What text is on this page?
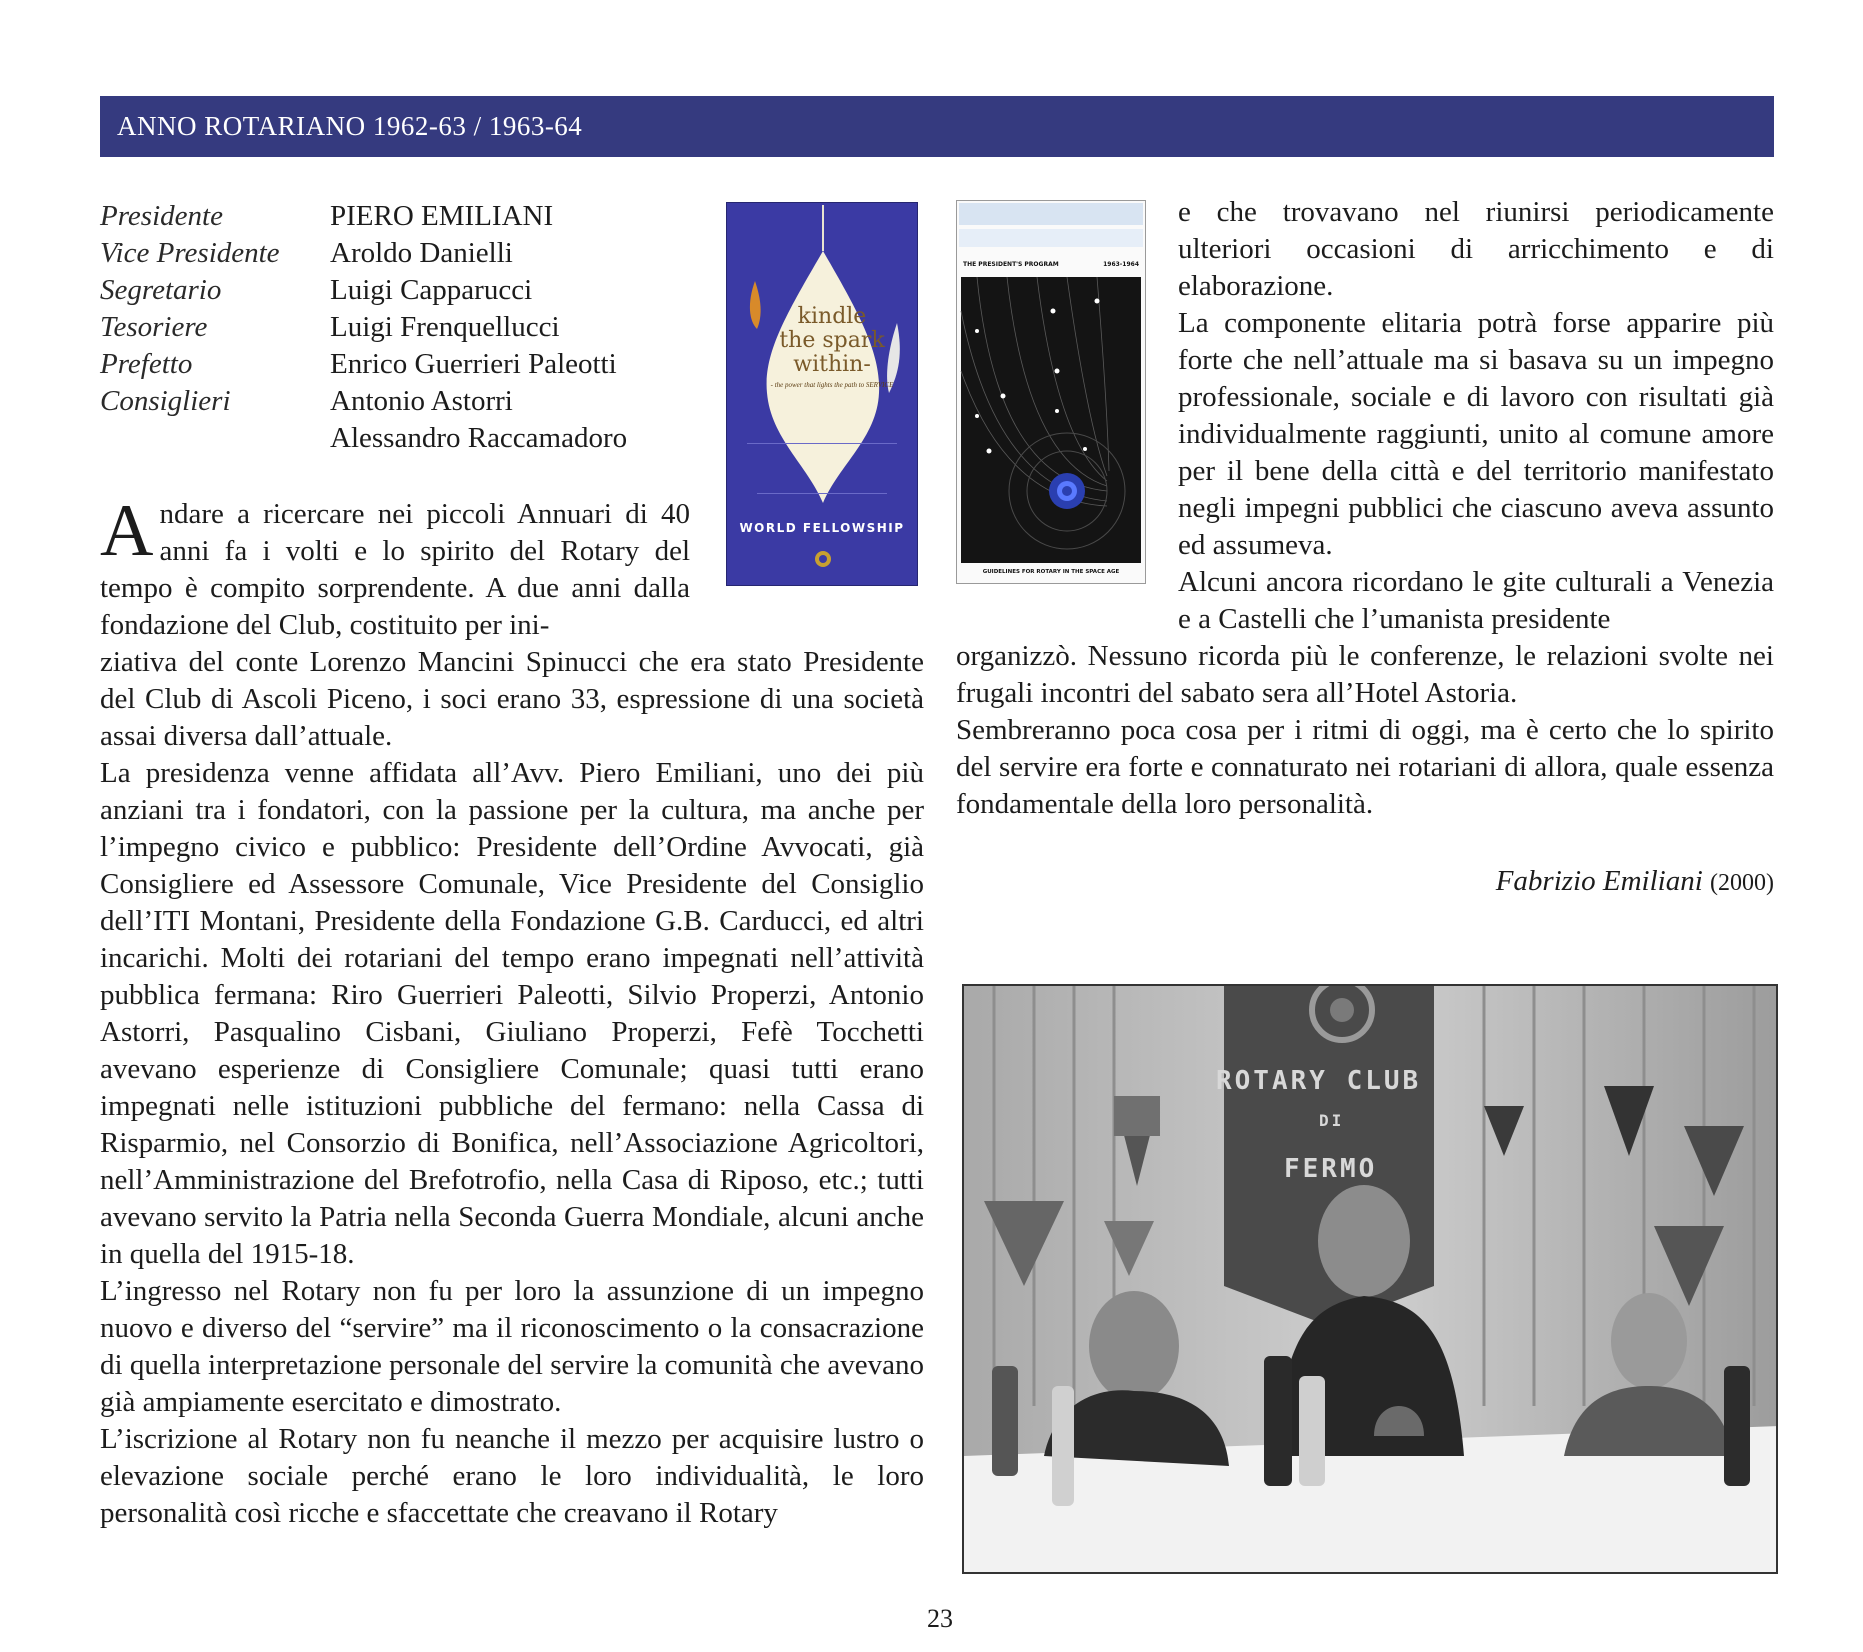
ANNO ROTARIANO 1962-63 / 1963-64
Presidente	PIERO EMILIANI
Vice Presidente	Aroldo Danielli
Segretario	Luigi Capparucci
Tesoriere	Luigi Frenquellucci
Prefetto	Enrico Guerrieri Paleotti
Consiglieri	Antonio Astorri
Alessandro Raccamadoro
kindle
the spark
within-
- the power that lights the path to SERVICE
WORLD FELLOWSHIP
THE PRESIDENT'S PROGRAM	1963-1964
GUIDELINES FOR ROTARY IN THE SPACE AGE

Andare a ricercare nei piccoli Annuari di 40 anni fa i volti e lo spirito del Rotary del tempo è compito sorprendente. A due anni dalla fondazione del Club, costituito per ini-

ziativa del conte Lorenzo Mancini Spinucci che era stato Presidente del Club di Ascoli Piceno, i soci erano 33, espressione di una società assai diversa dall’attuale.

La presidenza venne affidata all’Avv. Piero Emiliani, uno dei più anziani tra i fondatori, con la passione per la cultura, ma anche per l’impegno civico e pubblico: Presidente dell’Ordine Avvocati, già Consigliere ed Assessore Comunale, Vice Presidente del Consiglio dell’ITI Montani, Presidente della Fondazione G.B. Carducci, ed altri incarichi. Molti dei rotariani del tempo erano impegnati nell’attività pubblica fermana: Riro Guerrieri Paleotti, Silvio Properzi, Antonio Astorri, Pasqualino Cisbani, Giuliano Properzi, Fefè Tocchetti avevano esperienze di Consigliere Comunale; quasi tutti erano impegnati nelle istituzioni pubbliche del fermano: nella Cassa di Risparmio, nel Consorzio di Bonifica, nell’Associazione Agricoltori, nell’Amministrazione del Brefotrofio, nella Casa di Riposo, etc.; tutti avevano servito la Patria nella Seconda Guerra Mondiale, alcuni anche in quella del 1915-18.

L’ingresso nel Rotary non fu per loro la assunzione di un impegno nuovo e diverso del “servire” ma il riconoscimento o la consacrazione di quella interpretazione personale del servire la comunità che avevano già ampiamente esercitato e dimostrato.

L’iscrizione al Rotary non fu neanche il mezzo per acquisire lustro o elevazione sociale perché erano le loro individualità, le loro personalità così ricche e sfaccettate che creavano il Rotary

e che trovavano nel riunirsi periodicamente ulteriori occasioni di arricchimento e di elaborazione.

La componente elitaria potrà forse apparire più forte che nell’attuale ma si basava su un impegno professionale, sociale e di lavoro con risultati già individualmente raggiunti, unito al comune amore per il bene della città e del territorio manifestato negli impegni pubblici che ciascuno aveva assunto ed assumeva.

Alcuni ancora ricordano le gite culturali a Venezia e a Castelli che l’umanista presidente

organizzò. Nessuno ricorda più le conferenze, le relazioni svolte nei frugali incontri del sabato sera all’Hotel Astoria.

Sembreranno poca cosa per i ritmi di oggi, ma è certo che lo spirito del servire era forte e connaturato nei rotariani di allora, quale essenza fondamentale della loro personalità.

Fabrizio Emiliani (2000)
ROTARY CLUB
DI
FERMO
23
